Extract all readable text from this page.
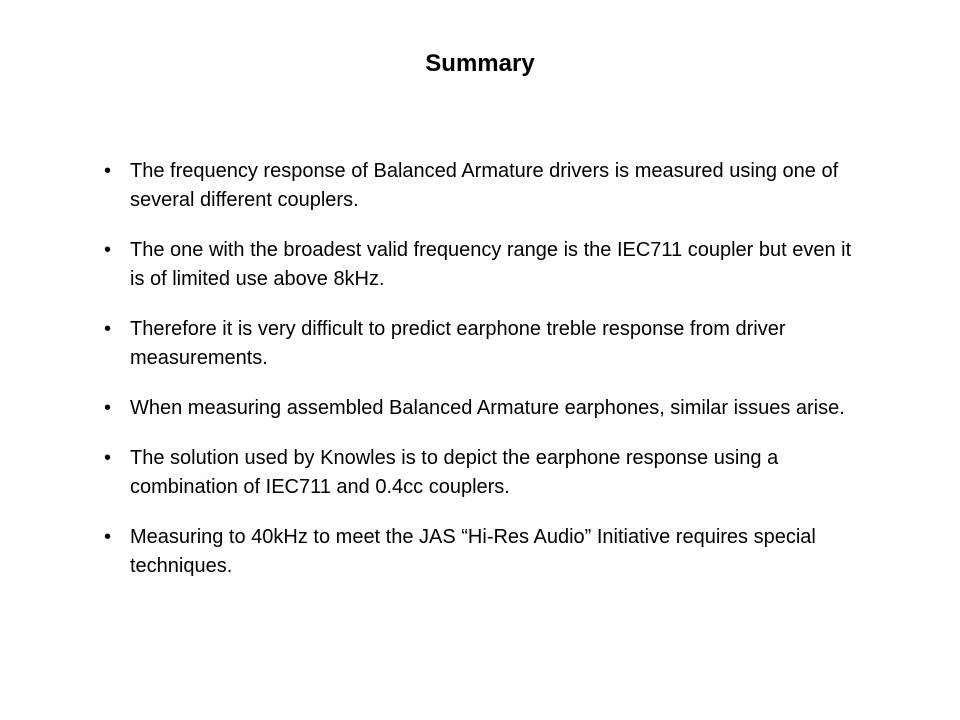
Summary
• The frequency response of Balanced Armature drivers is measured using one of several different couplers.
• The one with the broadest valid frequency range is the IEC711 coupler but even it is of limited use above 8kHz.
• Therefore it is very difficult to predict earphone treble response from driver measurements.
• When measuring assembled Balanced Armature earphones, similar issues arise.
• The solution used by Knowles is to depict the earphone response using a combination of IEC711 and 0.4cc couplers.
• Measuring to 40kHz to meet the JAS “Hi-Res Audio” Initiative requires special techniques.
